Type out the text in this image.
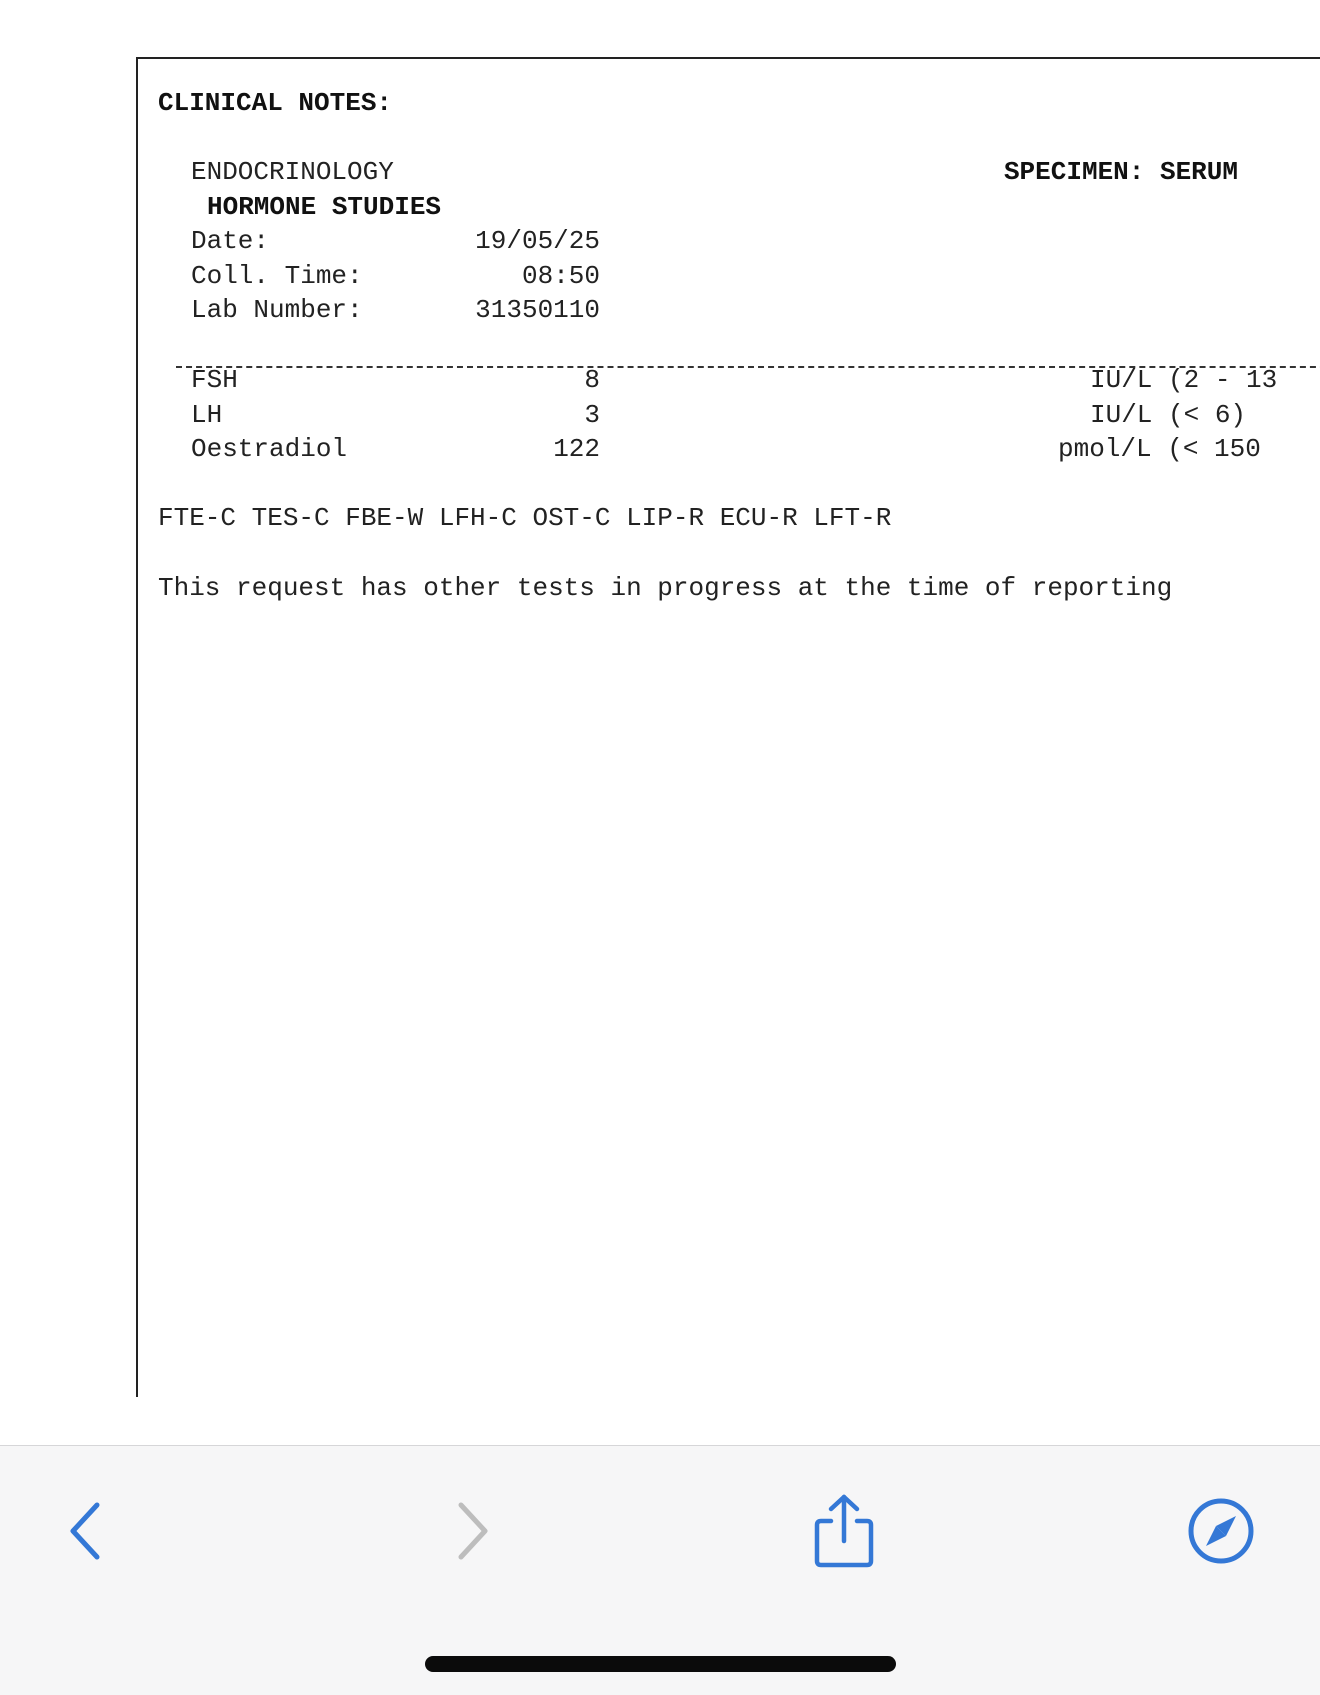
CLINICAL NOTES:
ENDOCRINOLOGY	SPECIMEN: SERUM
HORMONE STUDIES
Date:	19/05/25
Coll. Time:	08:50
Lab Number:	31350110
FSH	8	IU/L (2 - 13
LH	3	IU/L (< 6)
Oestradiol	122	pmol/L (< 150
FTE-C TES-C FBE-W LFH-C OST-C LIP-R ECU-R LFT-R
This request has other tests in progress at the time of reporting
